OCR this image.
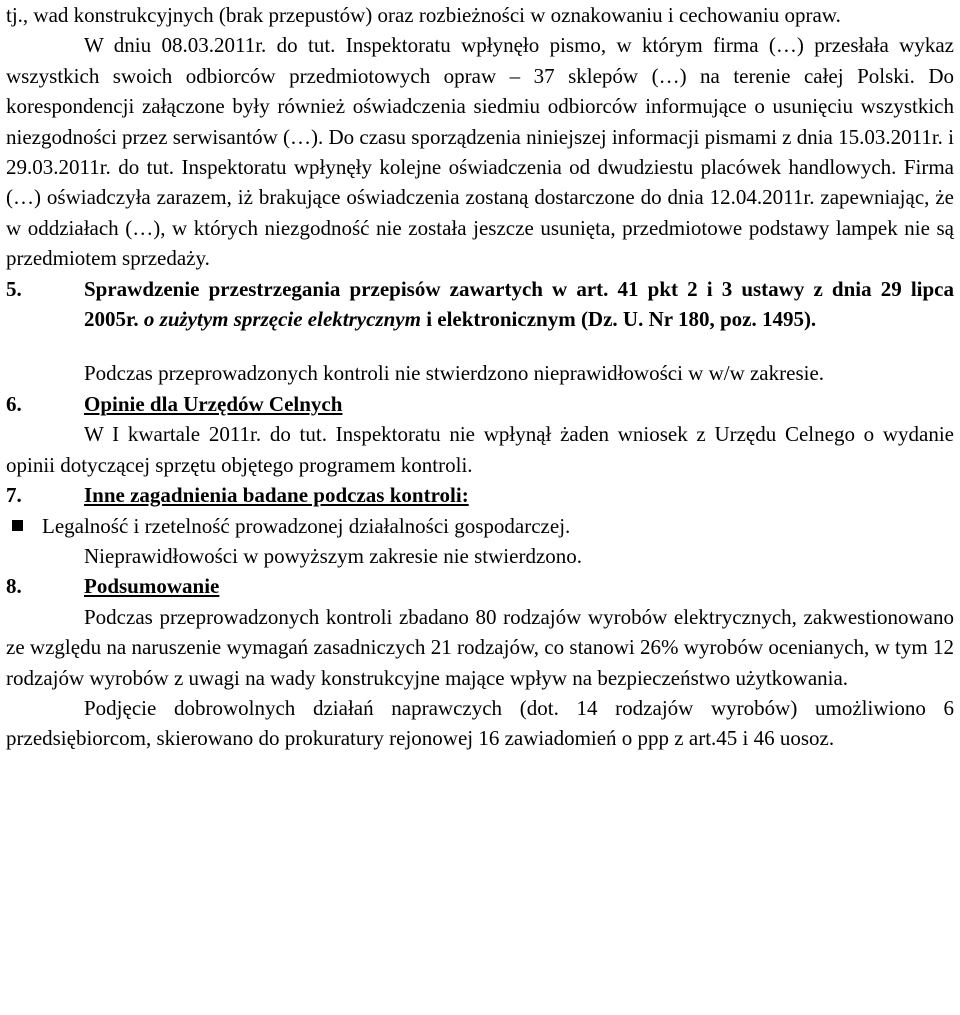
tj., wad konstrukcyjnych (brak przepustów) oraz rozbieżności w oznakowaniu i cechowaniu opraw.

W dniu 08.03.2011r. do tut. Inspektoratu wpłynęło pismo, w którym firma (…) przesłała wykaz wszystkich swoich odbiorców przedmiotowych opraw – 37 sklepów (…) na terenie całej Polski. Do korespondencji załączone były również oświadczenia siedmiu odbiorców informujące o usunięciu wszystkich niezgodności przez serwisantów (…). Do czasu sporządzenia niniejszej informacji pismami z dnia 15.03.2011r. i 29.03.2011r. do tut. Inspektoratu wpłynęły kolejne oświadczenia od dwudziestu placówek handlowych. Firma (…) oświadczyła zarazem, iż brakujące oświadczenia zostaną dostarczone do dnia 12.04.2011r. zapewniając, że w oddziałach (…), w których niezgodność nie została jeszcze usunięta, przedmiotowe podstawy lampek nie są przedmiotem sprzedaży.

5.	Sprawdzenie przestrzegania przepisów zawartych w art. 41 pkt 2 i 3 ustawy z dnia 29 lipca 2005r. o zużytym sprzęcie elektrycznym i elektronicznym (Dz. U. Nr 180, poz. 1495).

Podczas przeprowadzonych kontroli nie stwierdzono nieprawidłowości w w/w zakresie.

6.	Opinie dla Urzędów Celnych

W I kwartale 2011r. do tut. Inspektoratu nie wpłynął żaden wniosek z Urzędu Celnego o wydanie opinii dotyczącej sprzętu objętego programem kontroli.

7.	Inne zagadnienia badane podczas kontroli:
Legalność i rzetelność prowadzonej działalności gospodarczej.

Nieprawidłowości w powyższym zakresie nie stwierdzono.

8.	Podsumowanie

Podczas przeprowadzonych kontroli zbadano 80 rodzajów wyrobów elektrycznych, zakwestionowano ze względu na naruszenie wymagań zasadniczych 21 rodzajów, co stanowi 26% wyrobów ocenianych, w tym 12 rodzajów wyrobów z uwagi na wady konstrukcyjne mające wpływ na bezpieczeństwo użytkowania.

Podjęcie dobrowolnych działań naprawczych (dot. 14 rodzajów wyrobów) umożliwiono 6 przedsiębiorcom, skierowano do prokuratury rejonowej 16 zawiadomień o ppp z art.45 i 46 uosoz.
